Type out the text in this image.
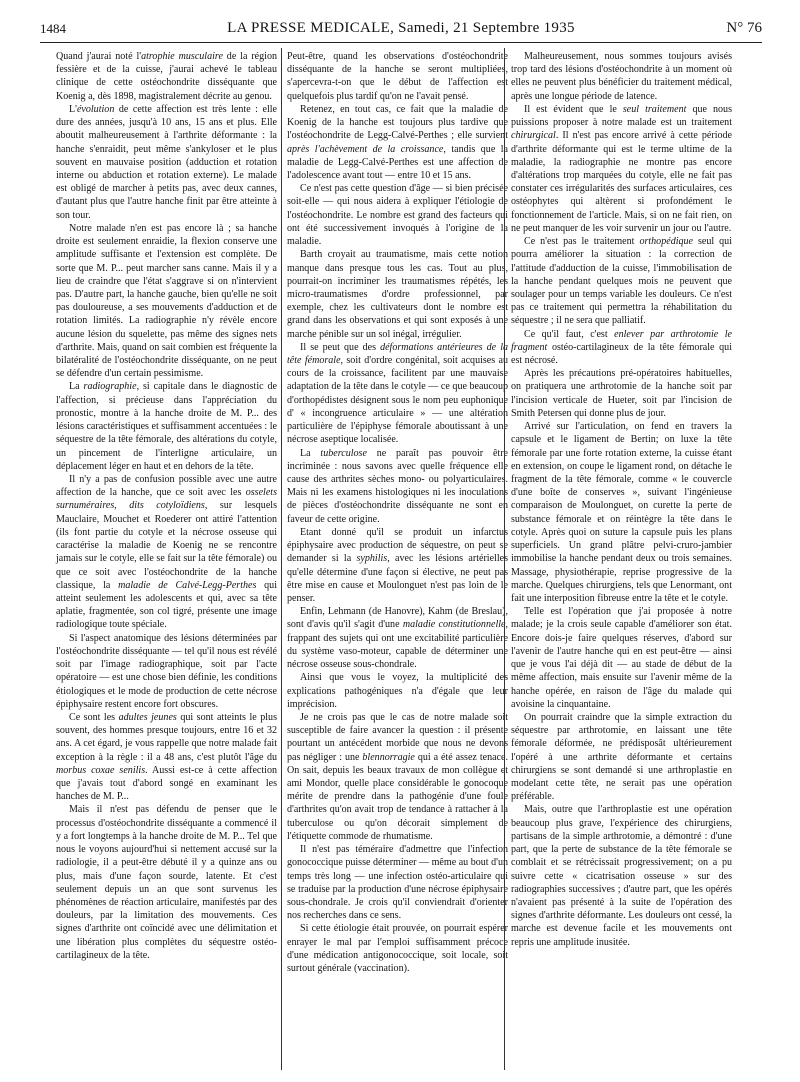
1484	LA PRESSE MEDICALE, Samedi, 21 Septembre 1935	N° 76

Quand j'aurai noté l'atrophie musculaire de la région fessière et de la cuisse, j'aurai achevé le tableau clinique de cette ostéochondrite disséquante que Koenig a, dès 1898, magistralement décrite au genou.

L'évolution de cette affection est très lente : elle dure des années, jusqu'à 10 ans, 15 ans et plus. Elle aboutit malheureusement à l'arthrite déformante : la hanche s'enraidit, peut même s'ankyloser et le plus souvent en mauvaise position (adduction et rotation interne ou abduction et rotation externe). Le malade est obligé de marcher à petits pas, avec deux cannes, d'autant plus que l'autre hanche finit par être atteinte à son tour.

Notre malade n'en est pas encore là ; sa hanche droite est seulement enraidie, la flexion conserve une amplitude suffisante et l'extension est complète. De sorte que M. P... peut marcher sans canne. Mais il y a lieu de craindre que l'état s'aggrave si on n'intervient pas. D'autre part, la hanche gauche, bien qu'elle ne soit pas douloureuse, a ses mouvements d'adduction et de rotation limités. La radiographie n'y révèle encore aucune lésion du squelette, pas même des signes nets d'arthrite. Mais, quand on sait combien est fréquente la bilatéralité de l'ostéochondrite disséquante, on ne peut se défendre d'un certain pessimisme.

La radiographie, si capitale dans le diagnostic de l'affection, si précieuse dans l'appréciation du pronostic, montre à la hanche droite de M. P... des lésions caractéristiques et suffisamment accentuées : le séquestre de la tête fémorale, des altérations du cotyle, un pincement de l'interligne articulaire, un déplacement léger en haut et en dehors de la tête.

Il n'y a pas de confusion possible avec une autre affection de la hanche, que ce soit avec les osselets surnuméraires, dits cotyloïdiens, sur lesquels Mauclaire, Mouchet et Roederer ont attiré l'attention (ils font partie du cotyle et la nécrose osseuse qui caractérise la maladie de Koenig ne se rencontre jamais sur le cotyle, elle se fait sur la tête fémorale) ou que ce soit avec l'ostéochondrite de la hanche classique, la maladie de Calvé-Legg-Perthes qui atteint seulement les adolescents et qui, avec sa tête aplatie, fragmentée, son col tigré, présente une image radiologique toute spéciale.

Si l'aspect anatomique des lésions déterminées par l'ostéochondrite disséquante — tel qu'il nous est révélé soit par l'image radiographique, soit par l'acte opératoire — est une chose bien définie, les conditions étiologiques et le mode de production de cette nécrose épiphysaire restent encore fort obscures.

Ce sont les adultes jeunes qui sont atteints le plus souvent, des hommes presque toujours, entre 16 et 32 ans. A cet égard, je vous rappelle que notre malade fait exception à la règle : il a 48 ans, c'est plutôt l'âge du morbus coxae senilis. Aussi est-ce à cette affection que j'avais tout d'abord songé en examinant les hanches de M. P...

Mais il n'est pas défendu de penser que le processus d'ostéochondrite disséquante a commencé il y a fort longtemps à la hanche droite de M. P... Tel que nous le voyons aujourd'hui si nettement accusé sur la radiologie, il a peut-être débuté il y a quinze ans ou plus, mais d'une façon sourde, latente. Et c'est seulement depuis un an que sont survenus les phénomènes de réaction articulaire, manifestés par des douleurs, par la limitation des mouvements. Ces signes d'arthrite ont coïncidé avec une délimitation et une libération plus complètes du séquestre ostéo-cartilagineux de la tête.

Peut-être, quand les observations d'ostéochondrite disséquante de la hanche se seront multipliées, s'apercevra-t-on que le début de l'affection est quelquefois plus tardif qu'on ne l'avait pensé.

Retenez, en tout cas, ce fait que la maladie de Koenig de la hanche est toujours plus tardive que l'ostéochondrite de Legg-Calvé-Perthes ; elle survient après l'achèvement de la croissance, tandis que la maladie de Legg-Calvé-Perthes est une affection de l'adolescence avant tout — entre 10 et 15 ans.

Ce n'est pas cette question d'âge — si bien précisée soit-elle — qui nous aidera à expliquer l'étiologie de l'ostéochondrite. Le nombre est grand des facteurs qui ont été successivement invoqués à l'origine de la maladie.

Barth croyait au traumatisme, mais cette notion manque dans presque tous les cas. Tout au plus, pourrait-on incriminer les traumatismes répétés, les micro-traumatismes d'ordre professionnel, par exemple, chez les cultivateurs dont le nombre est grand dans les observations et qui sont exposés à une marche pénible sur un sol inégal, irrégulier.

Il se peut que des déformations antérieures de la tête fémorale, soit d'ordre congénital, soit acquises au cours de la croissance, facilitent par une mauvaise adaptation de la tête dans le cotyle — ce que beaucoup d'orthopédistes désignent sous le nom peu euphonique d' « incongruence articulaire » — une altération particulière de l'épiphyse fémorale aboutissant à une nécrose aseptique localisée.

La tuberculose ne paraît pas pouvoir être incriminée : nous savons avec quelle fréquence elle cause des arthrites sèches mono- ou polyarticulaires. Mais ni les examens histologiques ni les inoculations de pièces d'ostéochondrite disséquante ne sont en faveur de cette origine.

Etant donné qu'il se produit un infarctus épiphysaire avec production de séquestre, on peut se demander si la syphilis, avec les lésions artérielles qu'elle détermine d'une façon si élective, ne peut pas être mise en cause et Moulonguet n'est pas loin de le penser.

Enfin, Lehmann (de Hanovre), Kahm (de Breslau), sont d'avis qu'il s'agit d'une maladie constitutionnelle, frappant des sujets qui ont une excitabilité particulière du système vaso-moteur, capable de déterminer une nécrose osseuse sous-chondrale.

Ainsi que vous le voyez, la multiplicité des explications pathogéniques n'a d'égale que leur imprécision.

Je ne crois pas que le cas de notre malade soit susceptible de faire avancer la question : il présente pourtant un antécédent morbide que nous ne devons pas négliger : une blennorragie qui a été assez tenace. On sait, depuis les beaux travaux de mon collègue et ami Mondor, quelle place considérable le gonocoque mérite de prendre dans la pathogénie d'une foule d'arthrites qu'on avait trop de tendance à rattacher à la tuberculose ou qu'on décorait simplement de l'étiquette commode de rhumatisme.

Il n'est pas téméraire d'admettre que l'infection gonococcique puisse déterminer — même au bout d'un temps très long — une infection ostéo-articulaire qui se traduise par la production d'une nécrose épiphysaire sous-chondrale. Je crois qu'il conviendrait d'orienter nos recherches dans ce sens.

Si cette étiologie était prouvée, on pourrait espérer enrayer le mal par l'emploi suffisamment précoce d'une médication antigonococcique, soit locale, soit surtout générale (vaccination).

Malheureusement, nous sommes toujours avisés trop tard des lésions d'ostéochondrite à un moment où elles ne peuvent plus bénéficier du traitement médical, après une longue période de latence.

Il est évident que le seul traitement que nous puissions proposer à notre malade est un traitement chirurgical. Il n'est pas encore arrivé à cette période d'arthrite déformante qui est le terme ultime de la maladie, la radiographie ne montre pas encore d'altérations trop marquées du cotyle, elle ne fait pas constater ces irrégularités des surfaces articulaires, ces ostéophytes qui altèrent si profondément le fonctionnement de l'article. Mais, si on ne fait rien, on ne peut manquer de les voir survenir un jour ou l'autre.

Ce n'est pas le traitement orthopédique seul qui pourra améliorer la situation : la correction de l'attitude d'adduction de la cuisse, l'immobilisation de la hanche pendant quelques mois ne peuvent que soulager pour un temps variable les douleurs. Ce n'est pas ce traitement qui permettra la réhabilitation du séquestre ; il ne sera que palliatif.

Ce qu'il faut, c'est enlever par arthrotomie le fragment ostéo-cartilagineux de la tête fémorale qui est nécrosé.

Après les précautions pré-opératoires habituelles, on pratiquera une arthrotomie de la hanche soit par l'incision verticale de Hueter, soit par l'incision de Smith Petersen qui donne plus de jour.

Arrivé sur l'articulation, on fend en travers la capsule et le ligament de Bertin; on luxe la tête fémorale par une forte rotation externe, la cuisse étant en extension, on coupe le ligament rond, on détache le fragment de la tête fémorale, comme « le couvercle d'une boîte de conserves », suivant l'ingénieuse comparaison de Moulonguet, on curette la perte de substance fémorale et on réintègre la tête dans le cotyle. Après quoi on suture la capsule puis les plans superficiels. Un grand plâtre pelvi-cruro-jambier immobilise la hanche pendant deux ou trois semaines. Massage, physiothérapie, reprise progressive de la marche. Quelques chirurgiens, tels que Lenormant, ont fait une interposition fibreuse entre la tête et le cotyle.

Telle est l'opération que j'ai proposée à notre malade; je la crois seule capable d'améliorer son état. Encore dois-je faire quelques réserves, d'abord sur l'avenir de l'autre hanche qui en est peut-être — ainsi que je vous l'ai déjà dit — au stade de début de la même affection, mais ensuite sur l'avenir même de la hanche opérée, en raison de l'âge du malade qui avoisine la cinquantaine.

On pourrait craindre que la simple extraction du séquestre par arthrotomie, en laissant une tête fémorale déformée, ne prédisposât ultérieurement l'opéré à une arthrite déformante et certains chirurgiens se sont demandé si une arthroplastie en modelant cette tête, ne serait pas une opération préférable.

Mais, outre que l'arthroplastie est une opération beaucoup plus grave, l'expérience des chirurgiens, partisans de la simple arthrotomie, a démontré : d'une part, que la perte de substance de la tête fémorale se comblait et se rétrécissait progressivement; on a pu suivre cette « cicatrisation osseuse » sur des radiographies successives ; d'autre part, que les opérés n'avaient pas présenté à la suite de l'opération des signes d'arthrite déformante. Les douleurs ont cessé, la marche est devenue facile et les mouvements ont repris une amplitude inusitée.
